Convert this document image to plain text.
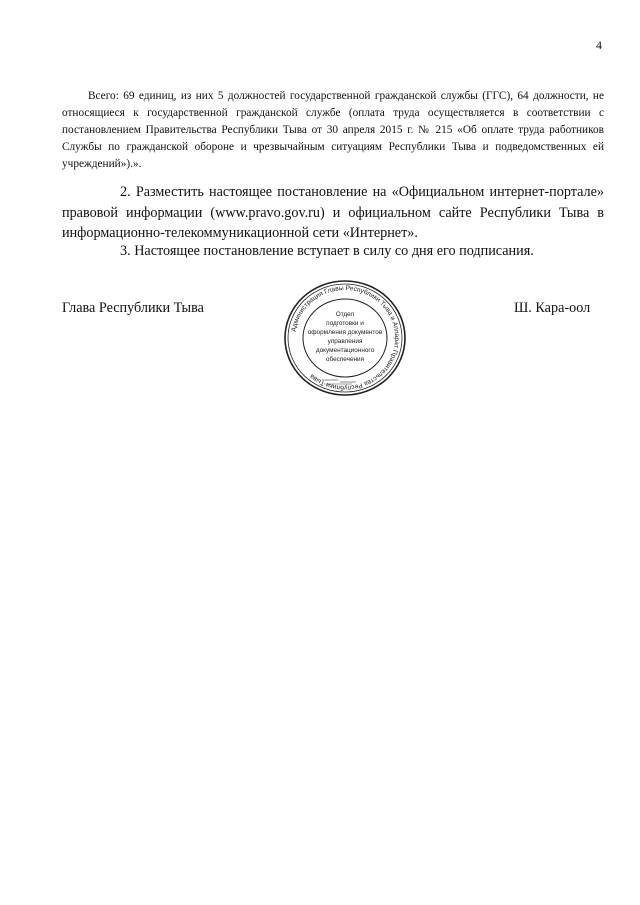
4
Всего: 69 единиц, из них 5 должностей государственной гражданской службы (ГГС), 64 должности, не относящиеся к государственной гражданской службе (оплата труда осуществляется в соответствии с постановлением Правительства Республики Тыва от 30 апреля 2015 г. № 215 «Об оплате труда работников Службы по гражданской обороне и чрезвычайным ситуациям Республики Тыва и подведомственных ей учреждений»).».
2. Разместить настоящее постановление на «Официальном интернет-портале» правовой информации (www.pravo.gov.ru) и официальном сайте Республики Тыва в информационно-телекоммуникационной сети «Интернет».
3. Настоящее постановление вступает в силу со дня его подписания.
Глава Республики Тыва	Ш. Кара-оол
Администрация Главы Республики Тыва и Аппарат Правительства Республики Тыва
Отдел
подготовки и
оформления документов
управления
документационного
обеспечения
